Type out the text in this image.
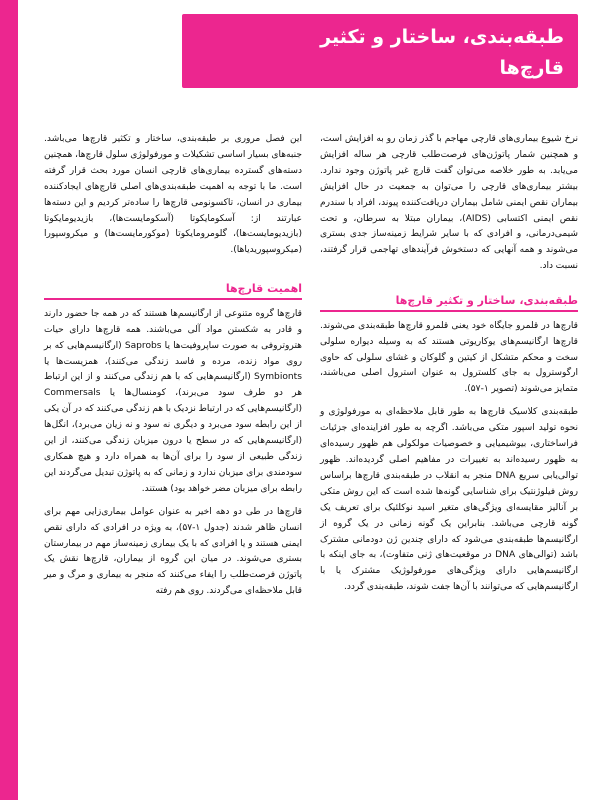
طبقه‌بندی، ساختار و تکثیر قارچ‌ها
۵۷

نرخ شیوع بیماری‌های قارچی مهاجم با گذر زمان رو به افزایش است، و همچنین شمار پاتوژن‌های فرصت‌طلب قارچی هر ساله افزایش می‌یابد. به طور خلاصه می‌توان گفت قارچ غیر پاتوژن وجود ندارد. بیشتر بیماری‌های قارچی را می‌توان به جمعیت در حال افزایش بیماران نقص ایمنی شامل بیماران دریافت‌کننده پیوند، افراد با سندرم نقص ایمنی اکتسابی (AIDS)، بیماران مبتلا به سرطان، و تحت شیمی‌درمانی، و افرادی که با سایر شرایط زمینه‌ساز جدی بستری می‌شوند و همه آنهایی که دستخوش فرآیندهای تهاجمی قرار گرفتند، نسبت داد.

طبقه‌بندی، ساختار و تکثیر قارچ‌ها

قارچ‌ها در قلمرو جایگاه خود یعنی قلمرو قارچ‌ها طبقه‌بندی می‌شوند. قارچ‌ها ارگانیسم‌های یوکاریوتی هستند که به وسیله دیواره سلولی سخت و محکم متشکل از کیتین و گلوکان و غشای سلولی که حاوی ارگوسترول به جای کلسترول به عنوان استرول اصلی می‌باشند، متمایز می‌شوند (تصویر ۱-۵۷).

طبقه‌بندی کلاسیک قارچ‌ها به طور قابل ملاحظه‌ای به مورفولوژی و نحوه تولید اسپور متکی می‌باشد. اگرچه به طور افزاینده‌ای جزئیات فراساختاری، بیوشیمیایی و خصوصیات مولکولی هم ظهور رسیده‌ای به ظهور رسیده‌اند به تغییرات در مفاهیم اصلی گردیده‌اند. ظهور توالی‌یابی سریع DNA منجر به انقلاب در طبقه‌بندی قارچ‌ها براساس روش فیلوژنتیک برای شناسایی گونه‌ها شده است که این روش متکی بر آنالیز مقایسه‌ای ویژگی‌های متغیر اسید نوکلئیک برای تعریف یک گونه قارچی می‌باشد. بنابراین یک گونه زمانی در یک گروه از ارگانیسم‌ها طبقه‌بندی می‌شود که دارای چندین ژن دودمانی مشترک باشد (توالی‌های DNA در موقعیت‌های ژنی متفاوت)، به جای اینکه با ارگانیسم‌هایی دارای ویژگی‌های مورفولوژیک مشترک یا با ارگانیسم‌هایی که می‌توانند با آن‌ها جفت شوند، طبقه‌بندی گردد.

این فصل مروری بر طبقه‌بندی، ساختار و تکثیر قارچ‌ها می‌باشد. جنبه‌های بسیار اساسی تشکیلات و مورفولوژی سلول قارچ‌ها، همچنین دسته‌های گسترده بیماری‌های قارچی انسان مورد بحث قرار گرفته است. ما با توجه به اهمیت طبقه‌بندی‌های اصلی قارچ‌های ایجادکننده بیماری در انسان، تاکسونومی قارچ‌ها را ساده‌تر کردیم و این دسته‌ها عبارتند از: آسکومایکوتا (آسکومایست‌ها)، بازیدیومایکوتا (بازیدیومایست‌ها)، گلومرومایکوتا (موکورمایست‌ها) و میکروسپورا (میکروسپوریدیاها).

اهمیت قارچ‌ها

قارچ‌ها گروه متنوعی از ارگانیسم‌ها هستند که در همه جا حضور دارند و قادر به شکستن مواد آلی می‌باشند. همه قارچ‌ها دارای حیات هتروتروفی به صورت ساپروفیت‌ها یا Saprobs (ارگانیسم‌هایی که بر روی مواد زنده، مرده و فاسد زندگی می‌کنند)، همزیست‌ها یا Symbionts (ارگانیسم‌هایی که با هم زندگی می‌کنند و از این ارتباط هر دو طرف سود می‌برند)، کومنسال‌ها یا Commersals (ارگانیسم‌هایی که در ارتباط نزدیک با هم زندگی می‌کنند که در آن یکی از این رابطه سود می‌برد و دیگری نه سود و نه زیان می‌برد)، انگل‌ها (ارگانیسم‌هایی که در سطح یا درون میزبان زندگی می‌کنند، از این زندگی طبیعی از سود را برای آن‌ها به همراه دارد و هیچ همکاری سودمندی برای میزبان ندارد و زمانی که به پاتوژن تبدیل می‌گردند این رابطه برای میزبان مضر خواهد بود) هستند.

قارچ‌ها در طی دو دهه اخیر به عنوان عوامل بیماری‌زایی مهم برای انسان ظاهر شدند (جدول ۱-۵۷)، به ویژه در افرادی که دارای نقص ایمنی هستند و یا افرادی که با یک بیماری زمینه‌ساز مهم در بیمارستان بستری می‌شوند. در میان این گروه از بیماران، قارچ‌ها نقش یک پاتوژن فرصت‌طلب را ایفاء می‌کنند که منجر به بیماری و مرگ و میر قابل ملاحظه‌ای می‌گردند. روی هم رفته
